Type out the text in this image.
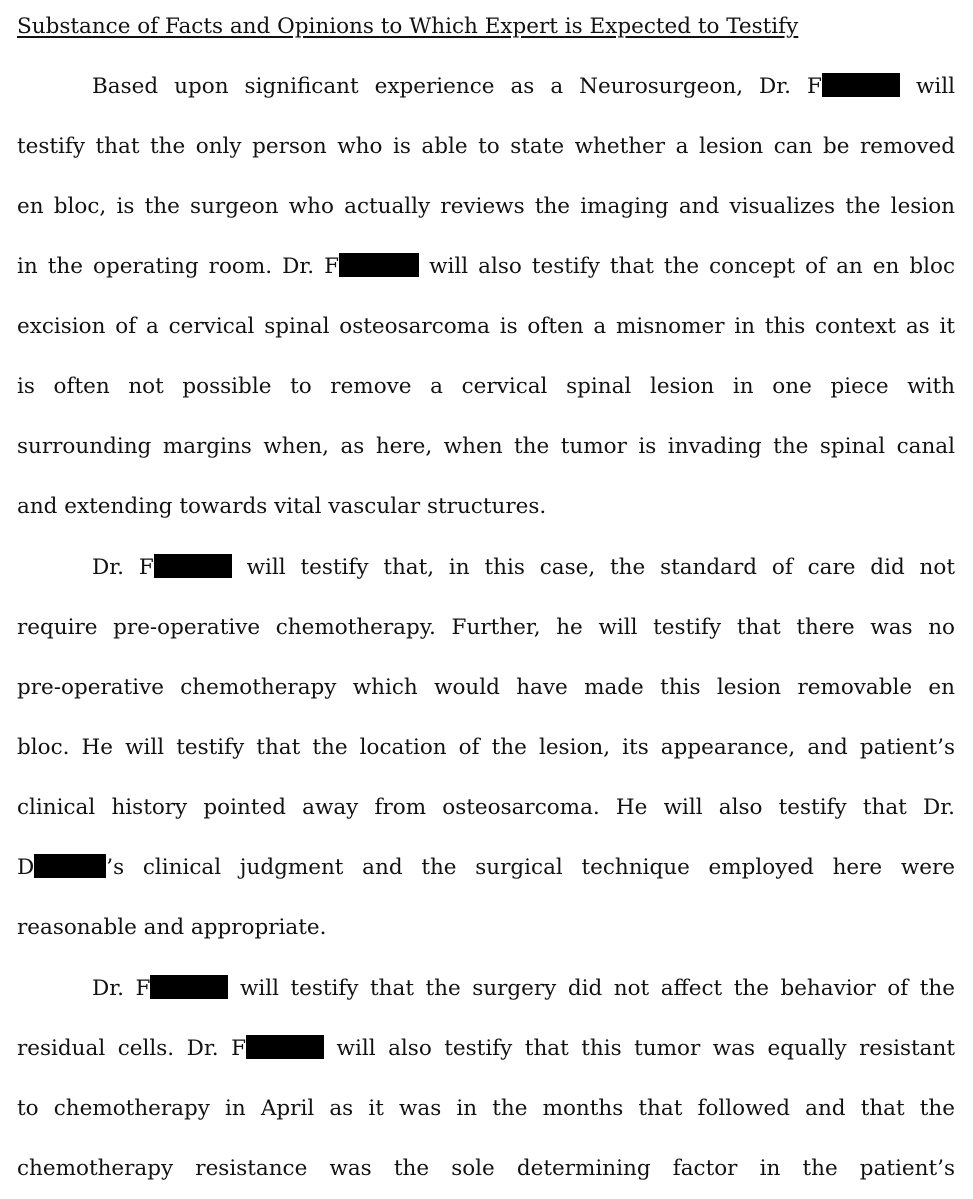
Substance of Facts and Opinions to Which Expert is Expected to Testify
Based upon significant experience as a Neurosurgeon, Dr. F	will
testify that the only person who is able to state whether a lesion can be removed
en bloc, is the surgeon who actually reviews the imaging and visualizes the lesion
in the operating room. Dr. F	will also testify that the concept of an en bloc
excision of a cervical spinal osteosarcoma is often a misnomer in this context as it
is often not possible to remove a cervical spinal lesion in one piece with
surrounding margins when, as here, when the tumor is invading the spinal canal
and extending towards vital vascular structures.
Dr. F	will testify that, in this case, the standard of care did not
require pre-operative chemotherapy. Further, he will testify that there was no
pre-operative chemotherapy which would have made this lesion removable en
bloc. He will testify that the location of the lesion, its appearance, and patient’s
clinical history pointed away from osteosarcoma. He will also testify that Dr.
D	’s clinical judgment and the surgical technique employed here were
reasonable and appropriate.
Dr. F	will testify that the surgery did not affect the behavior of the
residual cells. Dr. F	will also testify that this tumor was equally resistant
to chemotherapy in April as it was in the months that followed and that the
chemotherapy resistance was the sole determining factor in the patient’s
